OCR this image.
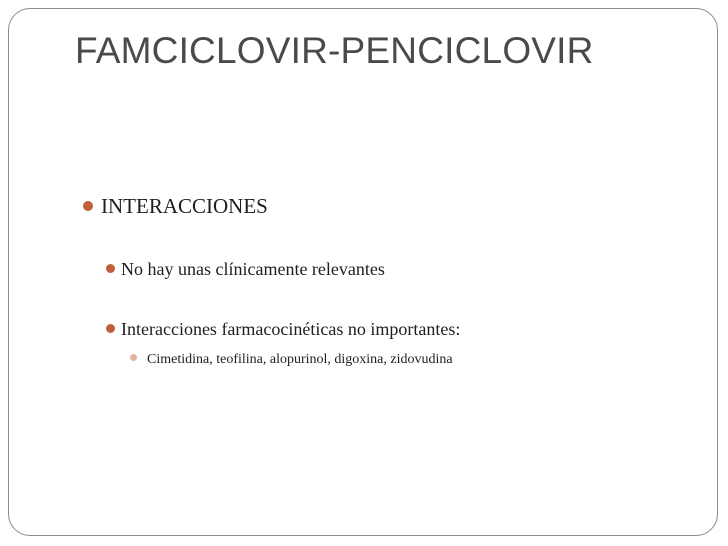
FAMCICLOVIR-PENCICLOVIR
INTERACCIONES
No hay unas clínicamente relevantes
Interacciones farmacocinéticas no importantes:
Cimetidina, teofilina, alopurinol, digoxina, zidovudina
